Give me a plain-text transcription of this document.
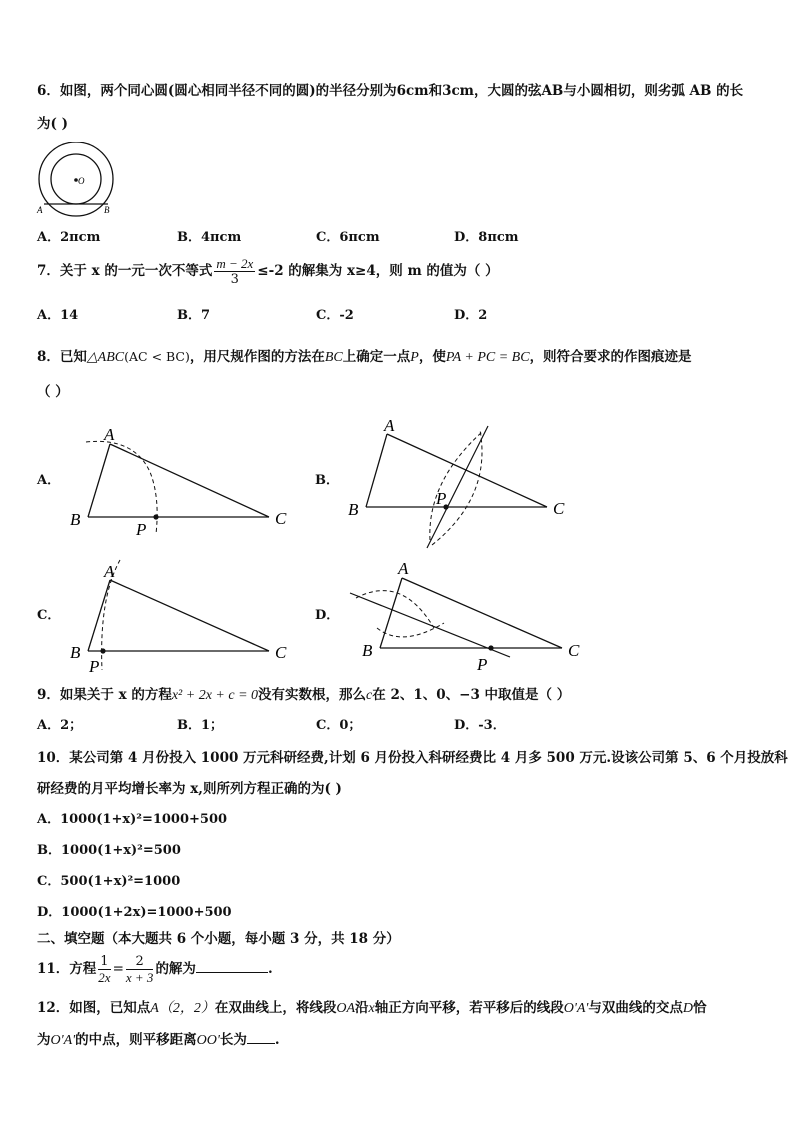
6．如图，两个同心圆(圆心相同半径不同的圆)的半径分别为6cm和3cm，大圆的弦AB与小圆相切，则劣弧 AB 的长
为( )
O
A	B
A．2πcm	B．4πcm	C．6πcm	D．8πcm
7．关于 x 的一元一次不等式 $\frac{m - 2x}{3} \le-2$ 的解集为 x≥4，则 m 的值为（ ）
A．14	B．7	C．-2	D．2
8．已知△ABC(AC < BC)，用尺规作图的方法在BC上确定一点P，使PA + PC = BC，则符合要求的作图痕迹是
（ ）
A．
A
B	C
P
B．
A
B	C
P
C．
A
B	C
P
D．
A
B	C
P
9．如果关于 x 的方程x² + 2x + c = 0没有实数根，那么c在 2、1、0、−3 中取值是（ ）
A．2；	B．1；	C．0；	D．-3．
10．某公司第 4 月份投入 1000 万元科研经费,计划 6 月份投入科研经费比 4 月多 500 万元.设该公司第 5、6 个月投放科
研经费的月平均增长率为 x,则所列方程正确的为( )
A．1000(1+x)²=1000+500
B．1000(1+x)²=500
C．500(1+x)²=1000
D．1000(1+2x)=1000+500
二、填空题（本大题共 6 个小题，每小题 3 分，共 18 分）
11．方程 $\frac{1}{2x} = \frac{2}{x + 3}$ 的解为	.
12．如图，已知点A（2，2）在双曲线上，将线段OA沿x轴正方向平移，若平移后的线段O'A'与双曲线的交点D恰
为O'A'的中点，则平移距离OO'长为 .
